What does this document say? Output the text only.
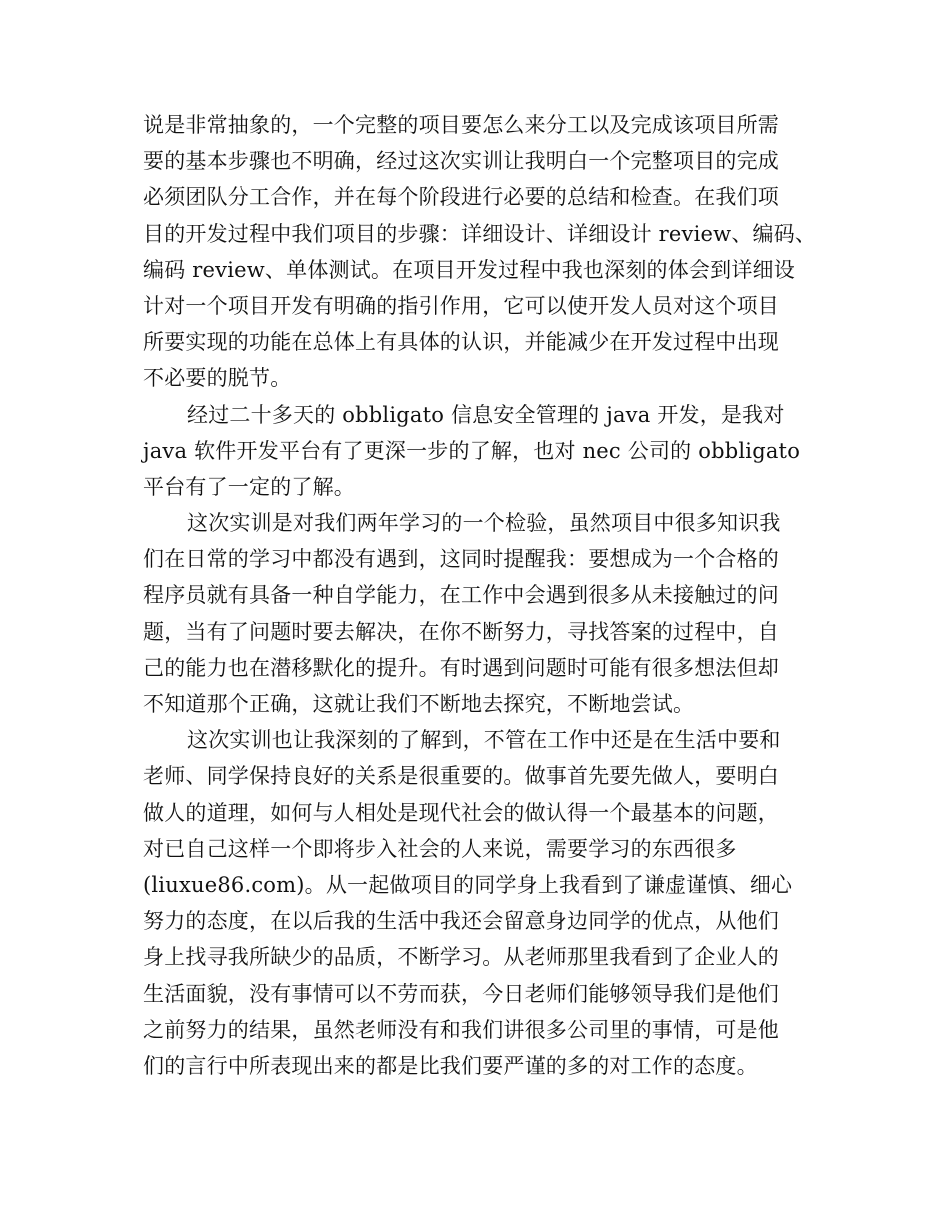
说是非常抽象的，一个完整的项目要怎么来分工以及完成该项目所需
要的基本步骤也不明确，经过这次实训让我明白一个完整项目的完成
必须团队分工合作，并在每个阶段进行必要的总结和检查。在我们项
目的开发过程中我们项目的步骤：详细设计、详细设计 review、编码、
编码 review、单体测试。在项目开发过程中我也深刻的体会到详细设
计对一个项目开发有明确的指引作用，它可以使开发人员对这个项目
所要实现的功能在总体上有具体的认识，并能减少在开发过程中出现
不必要的脱节。
经过二十多天的 obbligato 信息安全管理的 java 开发，是我对
java 软件开发平台有了更深一步的了解，也对 nec 公司的 obbligato
平台有了一定的了解。
这次实训是对我们两年学习的一个检验，虽然项目中很多知识我
们在日常的学习中都没有遇到，这同时提醒我：要想成为一个合格的
程序员就有具备一种自学能力，在工作中会遇到很多从未接触过的问
题，当有了问题时要去解决，在你不断努力，寻找答案的过程中，自
己的能力也在潜移默化的提升。有时遇到问题时可能有很多想法但却
不知道那个正确，这就让我们不断地去探究，不断地尝试。
这次实训也让我深刻的了解到，不管在工作中还是在生活中要和
老师、同学保持良好的关系是很重要的。做事首先要先做人，要明白
做人的道理，如何与人相处是现代社会的做认得一个最基本的问题，
对已自己这样一个即将步入社会的人来说，需要学习的东西很多
(liuxue86.com)。从一起做项目的同学身上我看到了谦虚谨慎、细心
努力的态度，在以后我的生活中我还会留意身边同学的优点，从他们
身上找寻我所缺少的品质，不断学习。从老师那里我看到了企业人的
生活面貌，没有事情可以不劳而获，今日老师们能够领导我们是他们
之前努力的结果，虽然老师没有和我们讲很多公司里的事情，可是他
们的言行中所表现出来的都是比我们要严谨的多的对工作的态度。
